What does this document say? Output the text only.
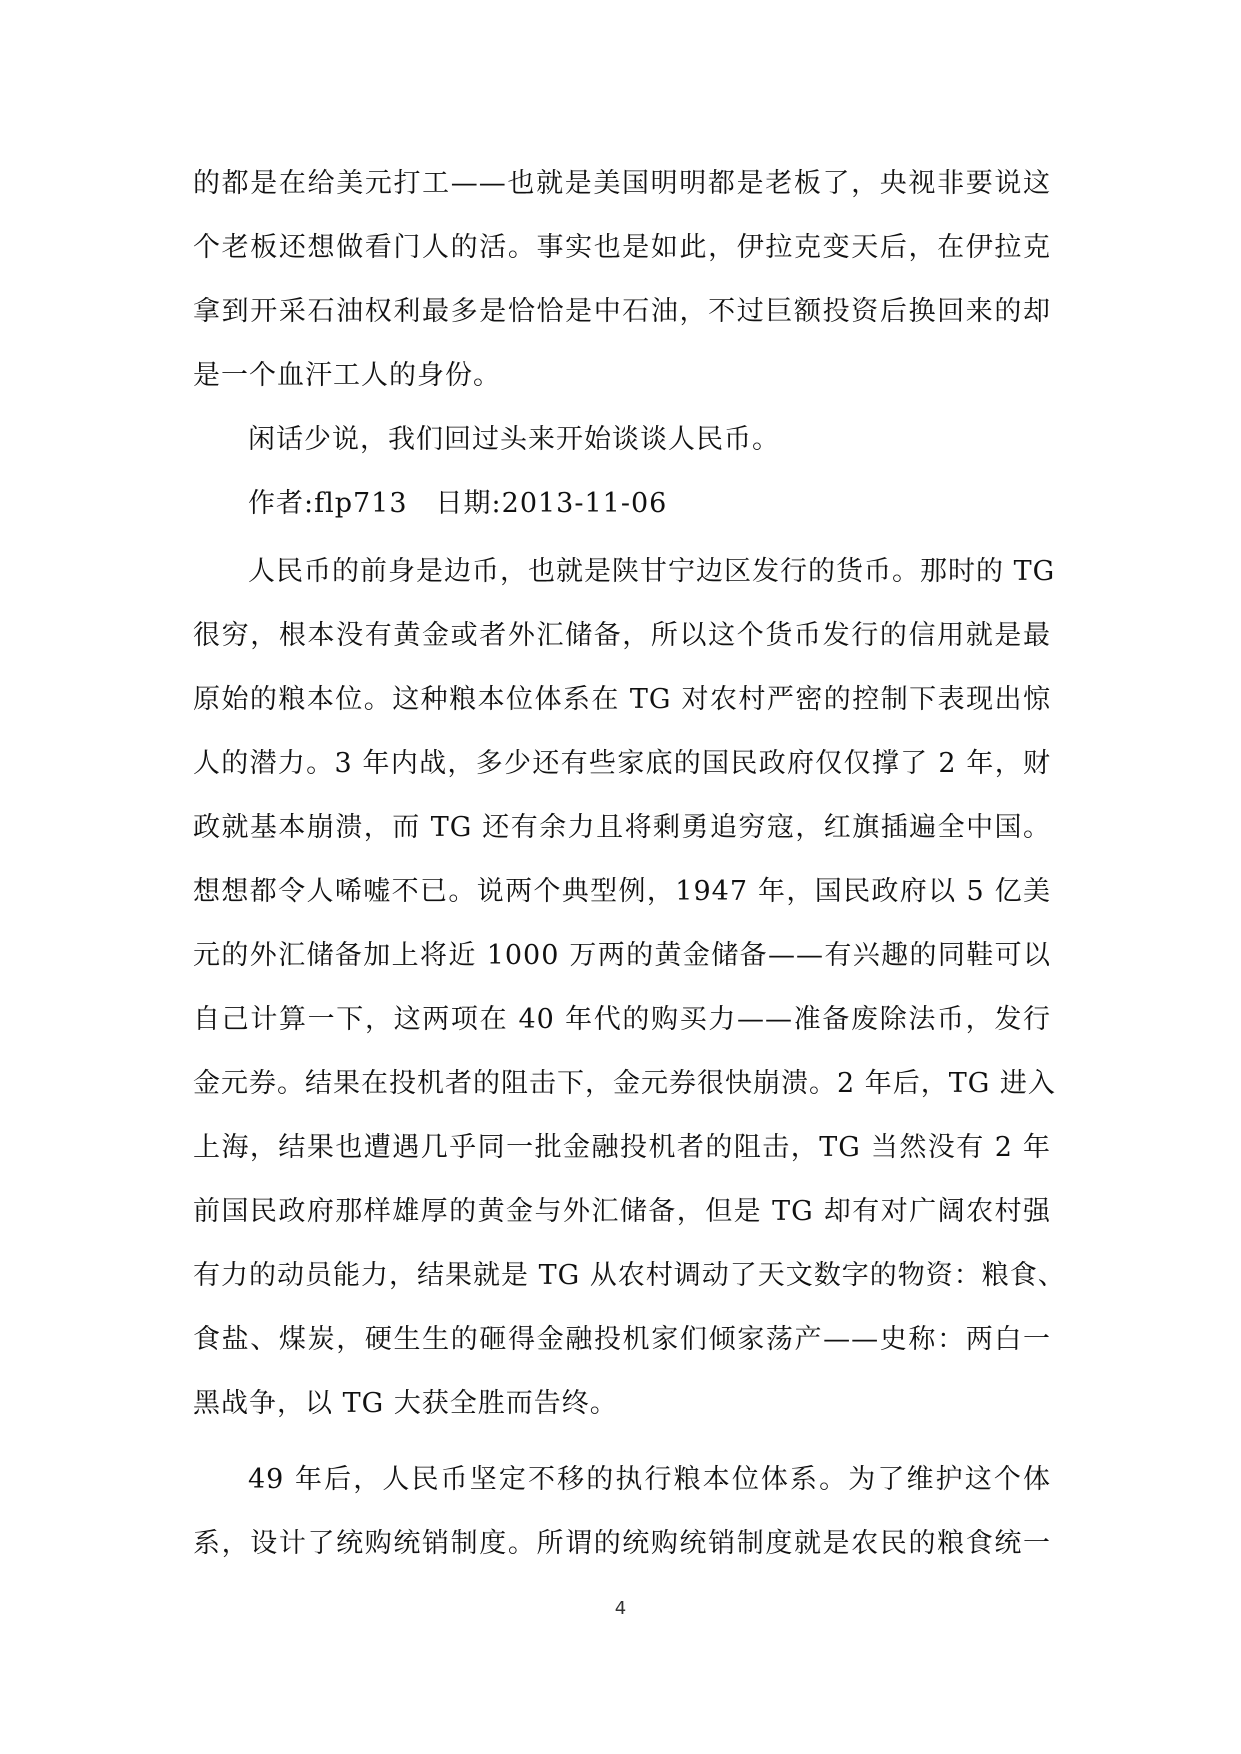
的都是在给美元打工——也就是美国明明都是老板了，央视非要说这
个老板还想做看门人的活。事实也是如此，伊拉克变天后，在伊拉克
拿到开采石油权利最多是恰恰是中石油，不过巨额投资后换回来的却
是一个血汗工人的身份。
闲话少说，我们回过头来开始谈谈人民币。
作者:flp713　日期:2013-11-06
人民币的前身是边币，也就是陕甘宁边区发行的货币。那时的 TG
很穷，根本没有黄金或者外汇储备，所以这个货币发行的信用就是最
原始的粮本位。这种粮本位体系在 TG 对农村严密的控制下表现出惊
人的潜力。3 年内战，多少还有些家底的国民政府仅仅撑了 2 年，财
政就基本崩溃，而 TG 还有余力且将剩勇追穷寇，红旗插遍全中国。
想想都令人唏嘘不已。说两个典型例，1947 年，国民政府以 5 亿美
元的外汇储备加上将近 1000 万两的黄金储备——有兴趣的同鞋可以
自己计算一下，这两项在 40 年代的购买力——准备废除法币，发行
金元券。结果在投机者的阻击下，金元券很快崩溃。2 年后，TG 进入
上海，结果也遭遇几乎同一批金融投机者的阻击，TG 当然没有 2 年
前国民政府那样雄厚的黄金与外汇储备，但是 TG 却有对广阔农村强
有力的动员能力，结果就是 TG 从农村调动了天文数字的物资：粮食、
食盐、煤炭，硬生生的砸得金融投机家们倾家荡产——史称：两白一
黑战争，以 TG 大获全胜而告终。
49 年后，人民币坚定不移的执行粮本位体系。为了维护这个体
系，设计了统购统销制度。所谓的统购统销制度就是农民的粮食统一
4
